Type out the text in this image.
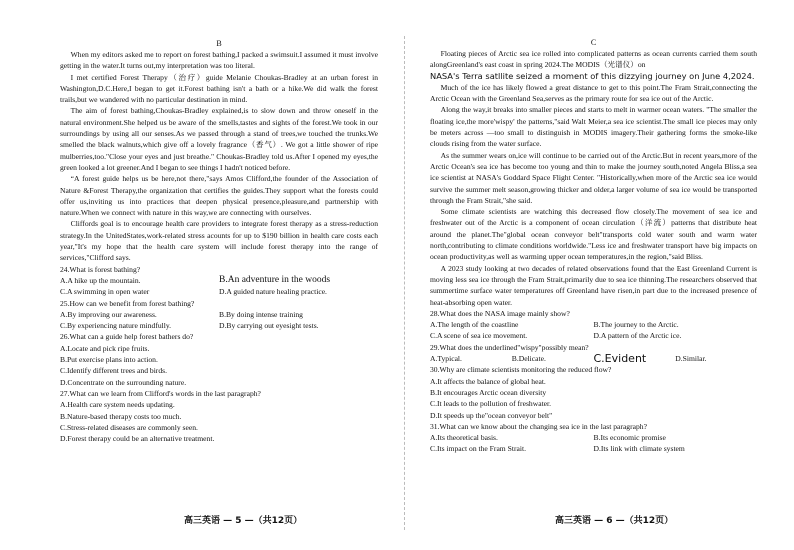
B

When my editors asked me to report on forest bathing,I packed a swimsuit.I assumed it must involve getting in the water.It turns out,my interpretation was too literal.

I met certified Forest Therapy（治疗）guide Melanie Choukas-Bradley at an urban forest in Washington,D.C.Here,I began to get it.Forest bathing isn't a bath or a hike.We did walk the forest trails,but we wandered with no particular destination in mind.

The aim of forest bathing,Choukas-Bradley explained,is to slow down and throw oneself in the natural environment.She helped us be aware of the smells,tastes and sights of the forest.We took in our surroundings by using all our senses.As we passed through a stand of trees,we touched the trunks.We smelled the black walnuts,which give off a lovely fragrance（香气）. We got a little shower of ripe mulberries,too."Close your eyes and just breathe." Choukas-Bradley told us.After I opened my eyes,the green looked a lot greener.And I began to see things I hadn't noticed before.

“A forest guide helps us be here,not there,"says Amos Clifford,the founder of the Association of Nature &Forest Therapy,the organization that certifies the guides.They support what the forests could offer us,inviting us into practices that deepen physical presence,pleasure,and partnership with nature.When we connect with nature in this way,we are connecting with ourselves.

Cliffords goal is to encourage health care providers to integrate forest therapy as a stress-reduction strategy.In the UnitedStates,work-related stress acounts for up to $190 billion in health care costs each year,"It's my hope that the health care system will include forest therapy into the range of services,"Clifford says.

24.What is forest bathing?
A.A hike up the mountain.	B.An adventure in the woods
C.A swimming in open water	D.A guided nature healing practice.
25.How can we benefit from forest bathing?
A.By improving our awareness.	B.By doing intense training
C.By experiencing nature mindfully.	D.By carrying out eyesight tests.
26.What can a guide help forest bathers do?
A.Locate and pick ripe fruits.
B.Put exercise plans into action.
C.Identify different trees and birds.
D.Concentrate on the surrounding nature.
27.What can we learn from Clifford's words in the last paragraph?
A.Health care system needs updating.
B.Nature-based therapy costs too much.
C.Stress-related diseases are commonly seen.
D.Forest therapy could be an alternative treatment.
高三英语 — 5 —（共12页）
C

Floating pieces of Arctic sea ice rolled into complicated patterns as ocean currents carried them south alongGreenland's east coast in spring 2024.The MODIS（光谱仪）on

NASA's Terra satllite seized a moment of this dizzying journey on June 4,2024.

Much of the ice has likely flowed a great distance to get to this point.The Fram Strait,connecting the Arctic Ocean with the Greenland Sea,serves as the primary route for sea ice out of the Arctic.

Along the way,it breaks into smaller pieces and starts to melt in warmer ocean waters. "The smaller the floating ice,the more'wispy' the patterns,"said Walt Meier,a sea ice scientist.The small ice pieces may only be meters across —too small to distinguish in MODIS imagery.Their gathering forms the smoke-like clouds rising from the water surface.

As the summer wears on,ice will continue to be carried out of the Arctic.But in recent years,more of the Arctic Ocean's sea ice has become too young and thin to make the journey south,noted Angela Bliss,a sea ice scientist at NASA's Goddard Space Flight Center. "Historically,when more of the Arctic sea ice would survive the summer melt season,growing thicker and older,a larger volume of sea ice would be transported through the Fram Strait,"she said.

Some climate scientists are watching this decreased flow closely.The movement of sea ice and freshwater out of the Arctic is a component of ocean circulation（洋流）patterns that distribute heat around the planet.The"global ocean conveyor belt"transports cold water south and warm water north,contributing to climate conditions worldwide."Less ice and freshwater transport have big impacts on ocean productivity,as well as warming upper ocean temperatures,in the region,"said Bliss.

A 2023 study looking at two decades of related observations found that the East Greenland Current is moving less sea ice through the Fram Strait,primarily due to sea ice thinning.The researchers observed that summertime surface water temperatures off Greenland have risen,in part due to the increased presence of heat-absorbing open water.

28.What does the NASA image mainly show?
A.The length of the coastline	B.The journey to the Arctic.
C.A scene of sea ice movement.	D.A pattern of the Arctic ice.
29.What does the underlined"wispy"possibly mean?
A.Typical.	B.Delicate.	C.Evident	D.Similar.
30.Why are climate scientists monitoring the reduced flow?
A.It affects the balance of global heat.
B.It encourages Arctic ocean diversity
C.It leads to the pollution of freshwater.
D.It speeds up the"ocean conveyor belt"
31.What can we know about the changing sea ice in the last paragraph?
A.Its theoretical basis.	B.Its economic promise
C.Its impact on the Fram Strait.	D.Its link with climate system
高三英语 — 6 —（共12页）
